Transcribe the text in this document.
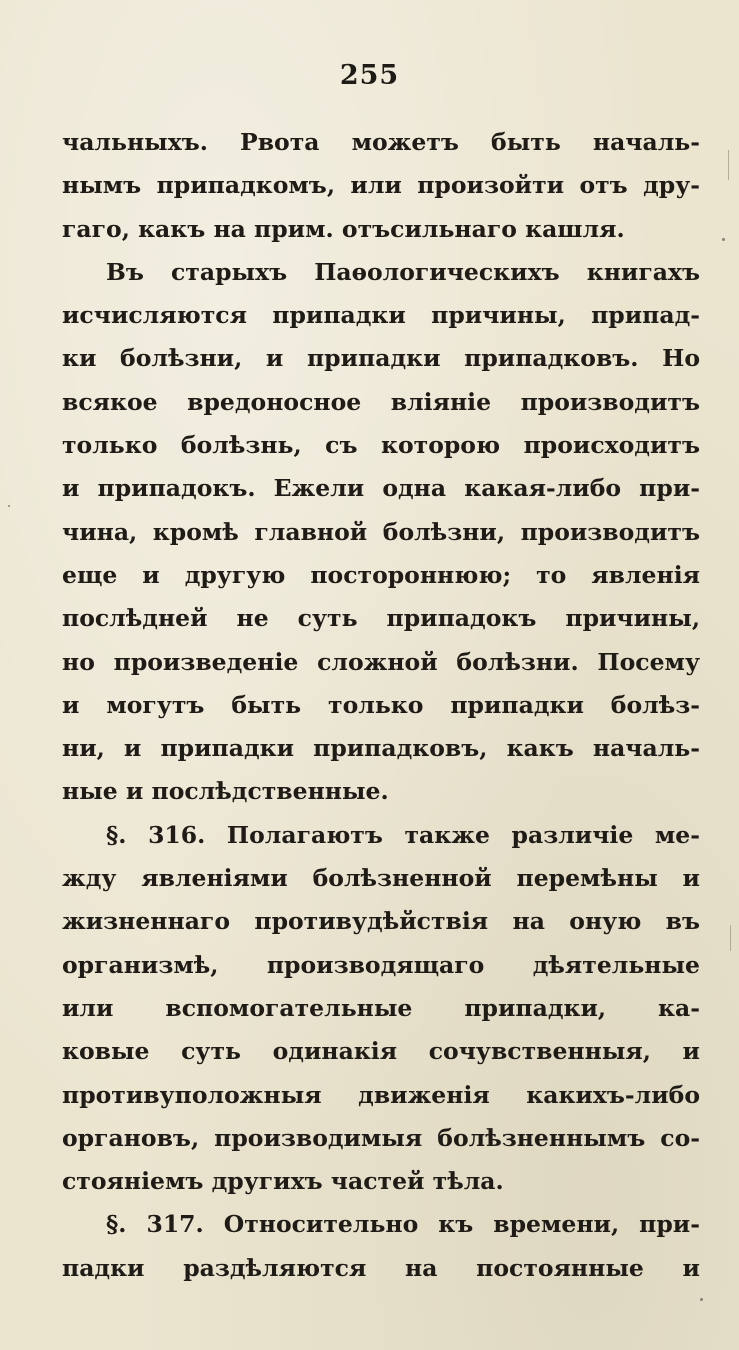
255
чальныхъ. Рвота можетъ быть началь-
нымъ припадкомъ, или произойти отъ дру-
гаго, какъ на прим. отъсильнаго кашля.
Въ старыхъ Паѳологическихъ книгахъ
исчисляются припадки причины, припад-
ки болѣзни, и припадки припадковъ. Но
всякое вредоносное вліяніе производитъ
только болѣзнь, съ которою происходитъ
и припадокъ. Ежели одна какая-либо при-
чина, кромѣ главной болѣзни, производитъ
еще и другую постороннюю; то явленія
послѣдней не суть припадокъ причины,
но произведеніе сложной болѣзни. Посему
и могутъ быть только припадки болѣз-
ни, и припадки припадковъ, какъ началь-
ные и послѣдственные.
§. 316. Полагаютъ также различіе ме-
жду явленіями болѣзненной перемѣны и
жизненнаго противудѣйствія на оную въ
организмѣ, производящаго дѣятельные
или вспомогательные припадки, ка-
ковые суть одинакія сочувственныя, и
противуположныя движенія какихъ-либо
органовъ, производимыя болѣзненнымъ со-
стояніемъ другихъ частей тѣла.
§. 317. Относительно къ времени, при-
падки раздѣляются на постоянные и
